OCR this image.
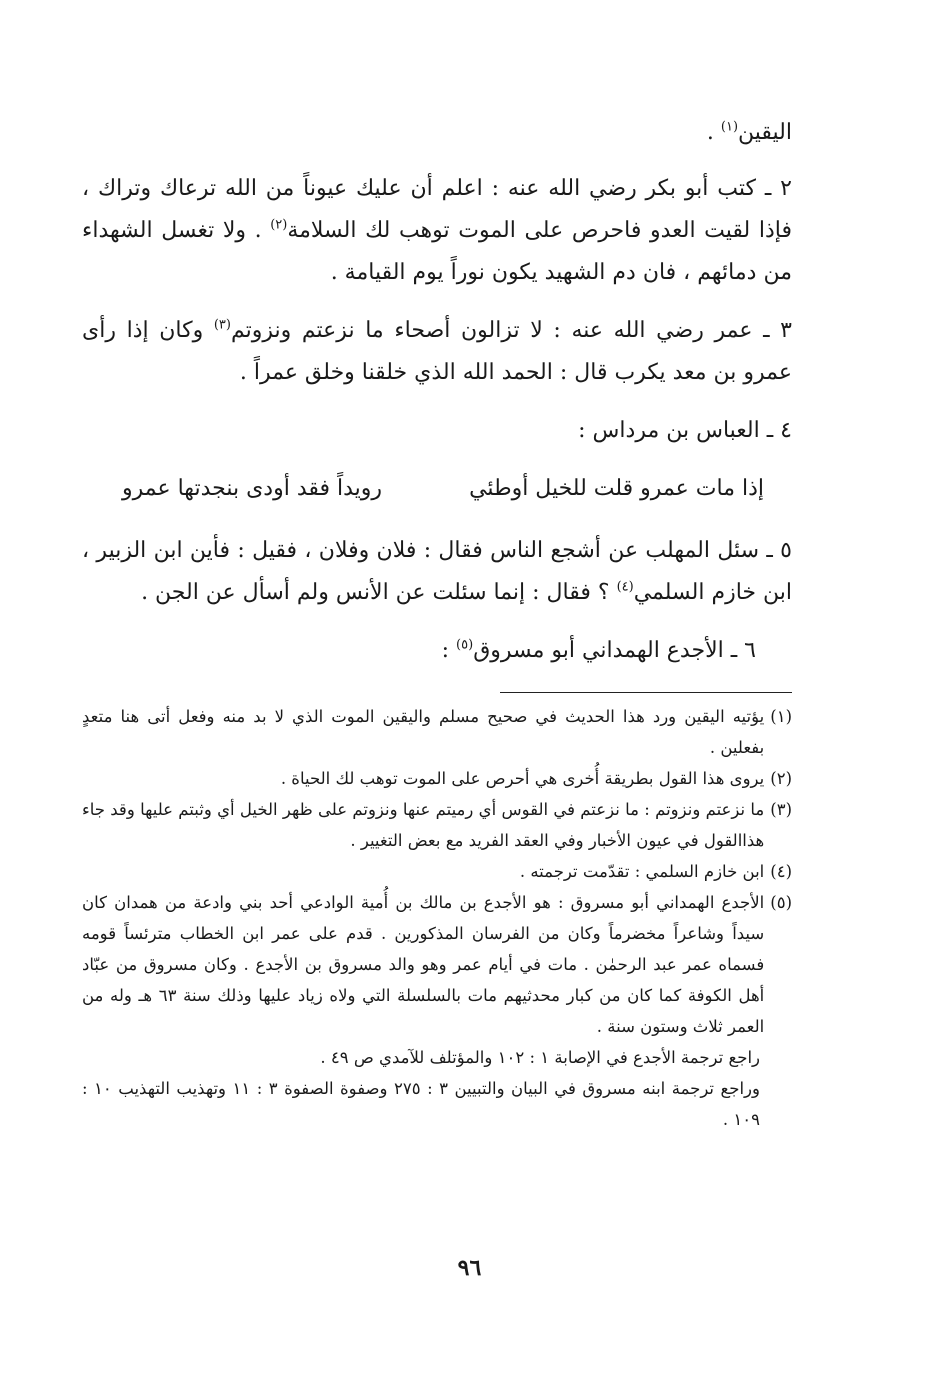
اليقين$^{(١)}$ .

٢ ـ كتب أبو بكر رضي الله عنه : اعلم أن عليك عيوناً من الله ترعاك وتراك ، فإذا لقيت العدو فاحرص على الموت توهب لك السلامة$^{(٢)}$ . ولا تغسل الشهداء من دمائهم ، فان دم الشهيد يكون نوراً يوم القيامة .

٣ ـ عمر رضي الله عنه : لا تزالون أصحاء ما نزعتم ونزوتم$^{(٣)}$ وكان إذا رأى عمرو بن معد يكرب قال : الحمد الله الذي خلقنا وخلق عمراً .

٤ ـ العباس بن مرداس :

إذا مات عمرو قلت للخيل أوطئي
رويداً فقد أودى بنجدتها عمرو

٥ ـ سئل المهلب عن أشجع الناس فقال : فلان وفلان ، فقيل : فأين ابن الزبير ، ابن خازم السلمي$^{(٤)}$ ؟ فقال : إنما سئلت عن الأنس ولم أسأل عن الجن .

٦ ـ الأجدع الهمداني أبو مسروق$^{(٥)}$ :

(١)
يؤتيه اليقين ورد هذا الحديث في صحيح مسلم واليقين الموت الذي لا بد منه وفعل أتى هنا متعدٍ بفعلين .
(٢)
يروى هذا القول بطريقة أُخرى هي أحرص على الموت توهب لك الحياة .
(٣)
ما نزعتم ونزوتم : ما نزعتم في القوس أي رميتم عنها ونزوتم على ظهر الخيل أي وثبتم عليها وقد جاء هذاالقول في عيون الأخبار وفي العقد الفريد مع بعض التغيير .
(٤)
ابن خازم السلمي : تقدّمت ترجمته .
(٥)
الأجدع الهمداني أبو مسروق : هو الأجدع بن مالك بن أُمية الوادعي أحد بني وادعة من همدان كان سيداً وشاعراً مخضرماً وكان من الفرسان المذكورين . قدم على عمر ابن الخطاب مترئساً قومه فسماه عمر عبد الرحمٰن . مات في أيام عمر وهو والد مسروق بن الأجدع . وكان مسروق من عبّاد أهل الكوفة كما كان من كبار محدثيهم مات بالسلسلة التي ولاه زياد عليها وذلك سنة ٦٣ هـ وله من العمر ثلاث وستون سنة .

راجع ترجمة الأجدع في الإصابة ١ : ١٠٢ والمؤتلف للآمدي ص ٤٩ .

وراجع ترجمة ابنه مسروق في البيان والتبيين ٣ : ٢٧٥ وصفوة الصفوة ٣ : ١١ وتهذيب التهذيب ١٠ : ١٠٩ .

٩٦
